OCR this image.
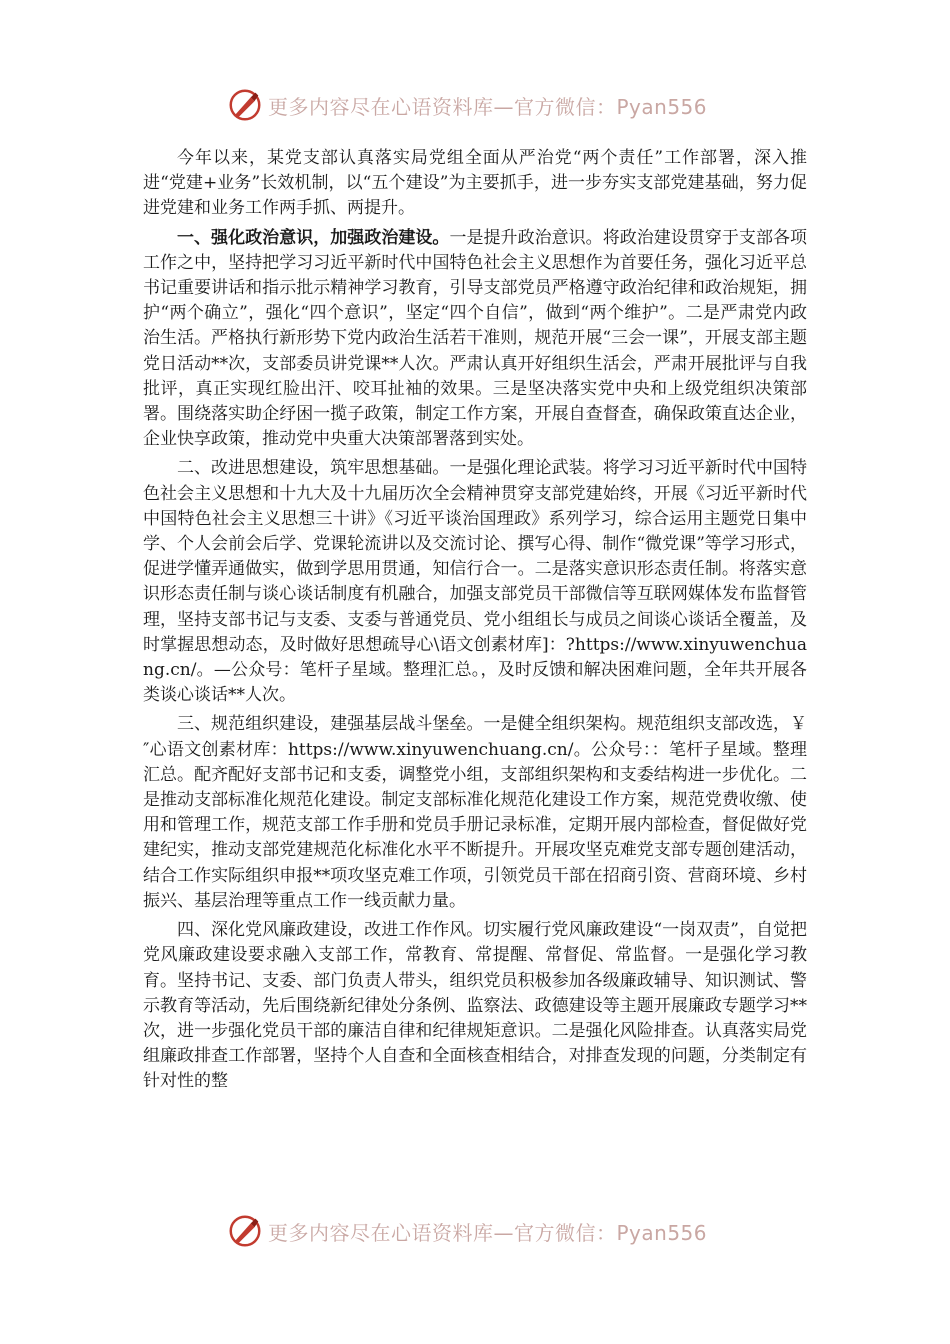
更多内容尽在心语资料库—官方微信：Pyan556

今年以来，某党支部认真落实局党组全面从严治党“两个责任”工作部署，深入推进“党建+业务”长效机制，以“五个建设”为主要抓手，进一步夯实支部党建基础，努力促进党建和业务工作两手抓、两提升。

一、强化政治意识，加强政治建设。一是提升政治意识。将政治建设贯穿于支部各项工作之中，坚持把学习习近平新时代中国特色社会主义思想作为首要任务，强化习近平总书记重要讲话和指示批示精神学习教育，引导支部党员严格遵守政治纪律和政治规矩，拥护“两个确立”，强化“四个意识”，坚定“四个自信”，做到“两个维护”。二是严肃党内政治生活。严格执行新形势下党内政治生活若干准则，规范开展“三会一课”，开展支部主题党日活动**次，支部委员讲党课**人次。严肃认真开好组织生活会，严肃开展批评与自我批评，真正实现红脸出汗、咬耳扯袖的效果。三是坚决落实党中央和上级党组织决策部署。围绕落实助企纾困一揽子政策，制定工作方案，开展自查督查，确保政策直达企业，企业快享政策，推动党中央重大决策部署落到实处。

二、改进思想建设，筑牢思想基础。一是强化理论武装。将学习习近平新时代中国特色社会主义思想和十九大及十九届历次全会精神贯穿支部党建始终，开展《习近平新时代中国特色社会主义思想三十讲》《习近平谈治国理政》系列学习，综合运用主题党日集中学、个人会前会后学、党课轮流讲以及交流讨论、撰写心得、制作“微党课”等学习形式，促进学懂弄通做实，做到学思用贯通，知信行合一。二是落实意识形态责任制。将落实意识形态责任制与谈心谈话制度有机融合，加强支部党员干部微信等互联网媒体发布监督管理，坚持支部书记与支委、支委与普通党员、党小组组长与成员之间谈心谈话全覆盖，及时掌握思想动态，及时做好思想疏导心\语文创素材库]：?https://www.xinyuwenchuang.cn/。—公众号：笔杆子星域。整理汇总。，及时反馈和解决困难问题，全年共开展各类谈心谈话**人次。

三、规范组织建设，建强基层战斗堡垒。一是健全组织架构。规范组织支部改选，￥″心语文创素材库：https://www.xinyuwenchuang.cn/。公众号：：笔杆子星域。整理汇总。配齐配好支部书记和支委，调整党小组，支部组织架构和支委结构进一步优化。二是推动支部标准化规范化建设。制定支部标准化规范化建设工作方案，规范党费收缴、使用和管理工作，规范支部工作手册和党员手册记录标准，定期开展内部检查，督促做好党建纪实，推动支部党建规范化标准化水平不断提升。开展攻坚克难党支部专题创建活动，结合工作实际组织申报**项攻坚克难工作项，引领党员干部在招商引资、营商环境、乡村振兴、基层治理等重点工作一线贡献力量。

四、深化党风廉政建设，改进工作作风。切实履行党风廉政建设“一岗双责”，自觉把党风廉政建设要求融入支部工作，常教育、常提醒、常督促、常监督。一是强化学习教育。坚持书记、支委、部门负责人带头，组织党员积极参加各级廉政辅导、知识测试、警示教育等活动，先后围绕新纪律处分条例、监察法、政德建设等主题开展廉政专题学习**次，进一步强化党员干部的廉洁自律和纪律规矩意识。二是强化风险排查。认真落实局党组廉政排查工作部署，坚持个人自查和全面核查相结合，对排查发现的问题，分类制定有针对性的整

更多内容尽在心语资料库—官方微信：Pyan556
